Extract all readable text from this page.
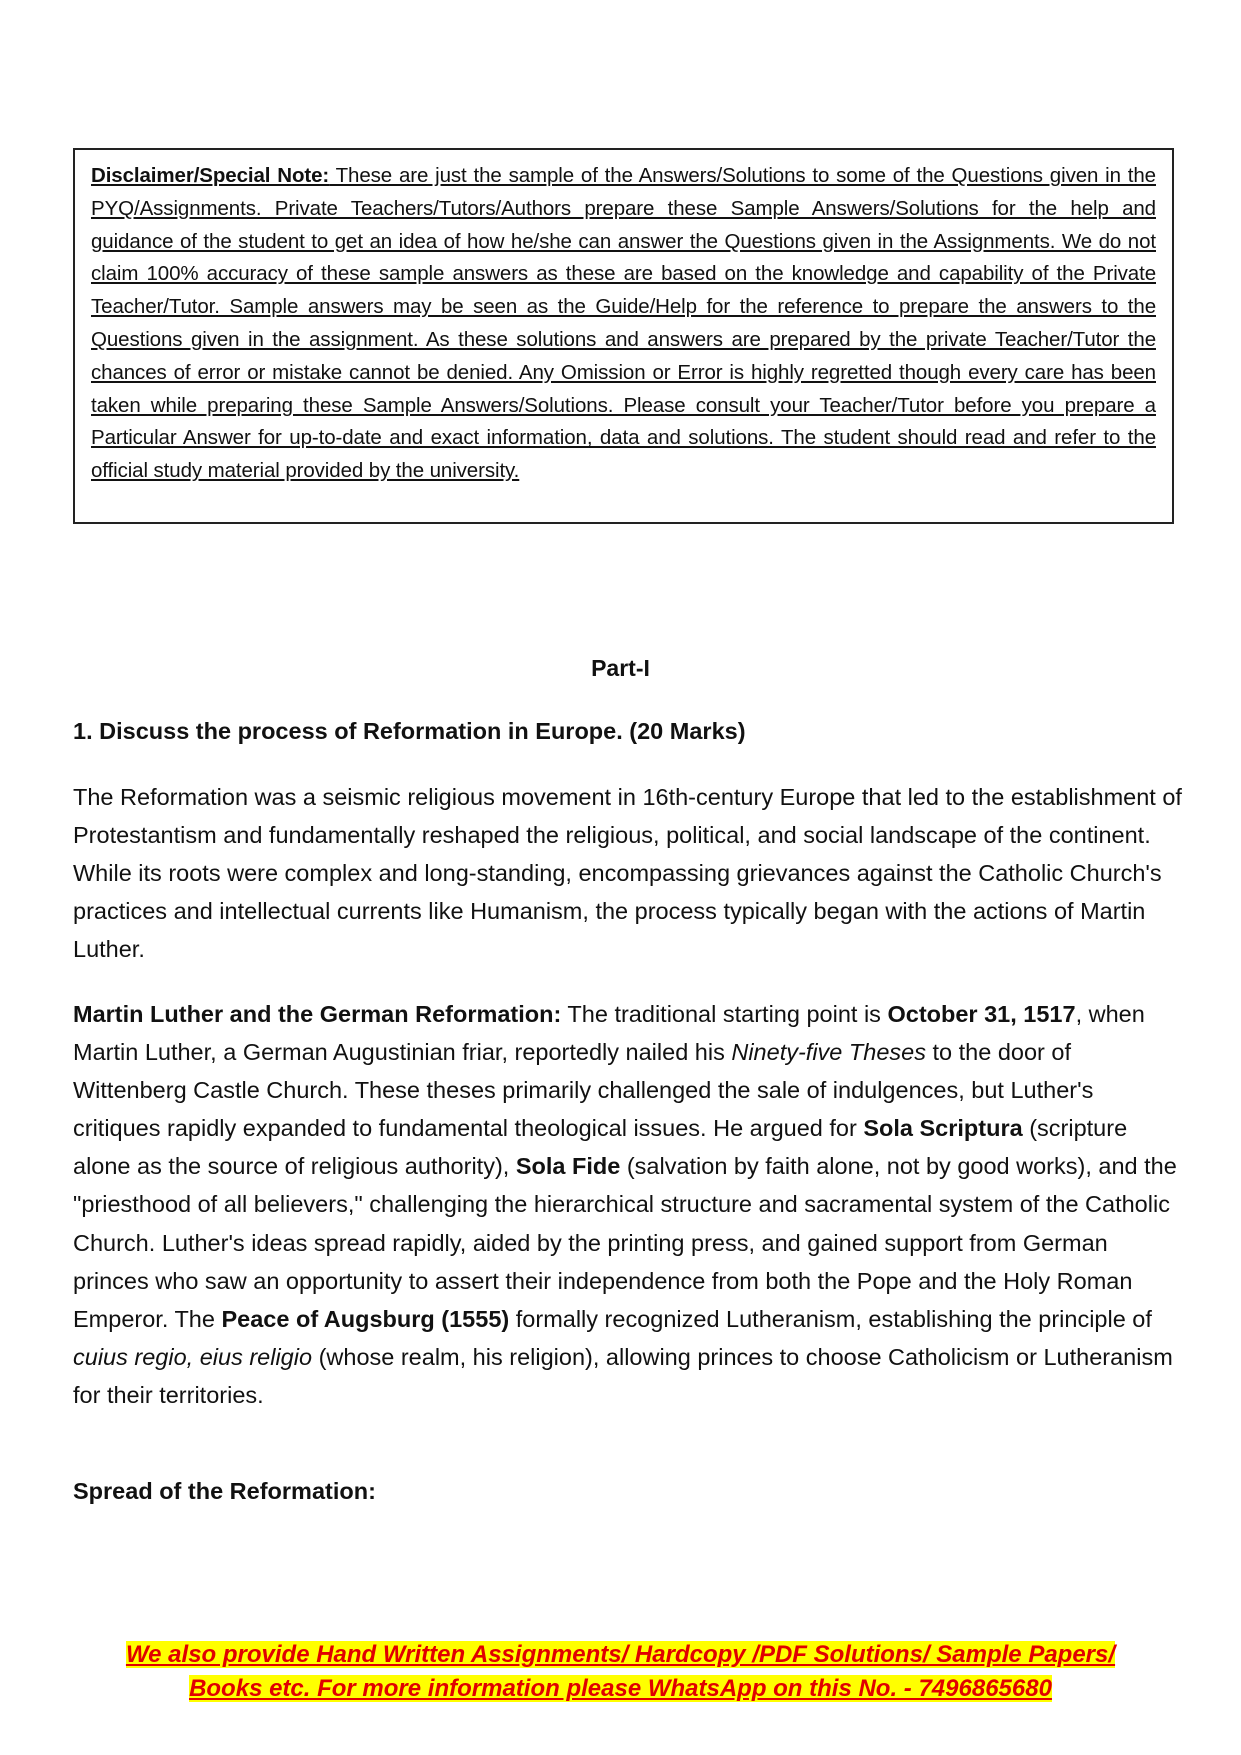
Disclaimer/Special Note: These are just the sample of the Answers/Solutions to some of the Questions given in the PYQ/Assignments. Private Teachers/Tutors/Authors prepare these Sample Answers/Solutions for the help and guidance of the student to get an idea of how he/she can answer the Questions given in the Assignments. We do not claim 100% accuracy of these sample answers as these are based on the knowledge and capability of the Private Teacher/Tutor. Sample answers may be seen as the Guide/Help for the reference to prepare the answers to the Questions given in the assignment. As these solutions and answers are prepared by the private Teacher/Tutor the chances of error or mistake cannot be denied. Any Omission or Error is highly regretted though every care has been taken while preparing these Sample Answers/Solutions. Please consult your Teacher/Tutor before you prepare a Particular Answer for up-to-date and exact information, data and solutions. The student should read and refer to the official study material provided by the university.

Part-I
1. Discuss the process of Reformation in Europe. (20 Marks)

The Reformation was a seismic religious movement in 16th-century Europe that led to the establishment of Protestantism and fundamentally reshaped the religious, political, and social landscape of the continent. While its roots were complex and long-standing, encompassing grievances against the Catholic Church's practices and intellectual currents like Humanism, the process typically began with the actions of Martin Luther.

Martin Luther and the German Reformation: The traditional starting point is October 31, 1517, when Martin Luther, a German Augustinian friar, reportedly nailed his Ninety-five Theses to the door of Wittenberg Castle Church. These theses primarily challenged the sale of indulgences, but Luther's critiques rapidly expanded to fundamental theological issues. He argued for Sola Scriptura (scripture alone as the source of religious authority), Sola Fide (salvation by faith alone, not by good works), and the "priesthood of all believers," challenging the hierarchical structure and sacramental system of the Catholic Church. Luther's ideas spread rapidly, aided by the printing press, and gained support from German princes who saw an opportunity to assert their independence from both the Pope and the Holy Roman Emperor. The Peace of Augsburg (1555) formally recognized Lutheranism, establishing the principle of cuius regio, eius religio (whose realm, his religion), allowing princes to choose Catholicism or Lutheranism for their territories.

Spread of the Reformation:
We also provide Hand Written Assignments/ Hardcopy /PDF Solutions/ Sample Papers/
Books etc. For more information please WhatsApp on this No. - 7496865680
